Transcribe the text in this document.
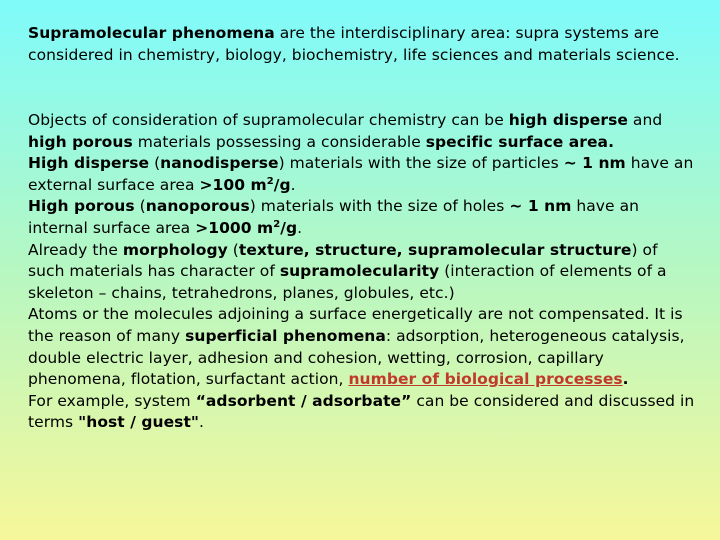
Supramolecular phenomena are the interdisciplinary area: supra systems are considered in chemistry, biology, biochemistry, life sciences and materials science.

Objects of consideration of supramolecular chemistry can be high disperse and high porous materials possessing a considerable specific surface area.
High disperse (nanodisperse) materials with the size of particles ~ 1 nm have an external surface area >100 $m^2/g$.
High porous (nanoporous) materials with the size of holes ~ 1 nm have an internal surface area >1000 $m^2/g$.
Already the morphology (texture, structure, supramolecular structure) of such materials has character of supramolecularity (interaction of elements of a skeleton – chains, tetrahedrons, planes, globules, etc.)
Atoms or the molecules adjoining a surface energetically are not compensated. It is the reason of many superficial phenomena: adsorption, heterogeneous catalysis, double electric layer, adhesion and cohesion, wetting, corrosion, capillary phenomena, flotation, surfactant action, number of biological processes.
For example, system “adsorbent / adsorbate” can be considered and discussed in terms "host / guest".
